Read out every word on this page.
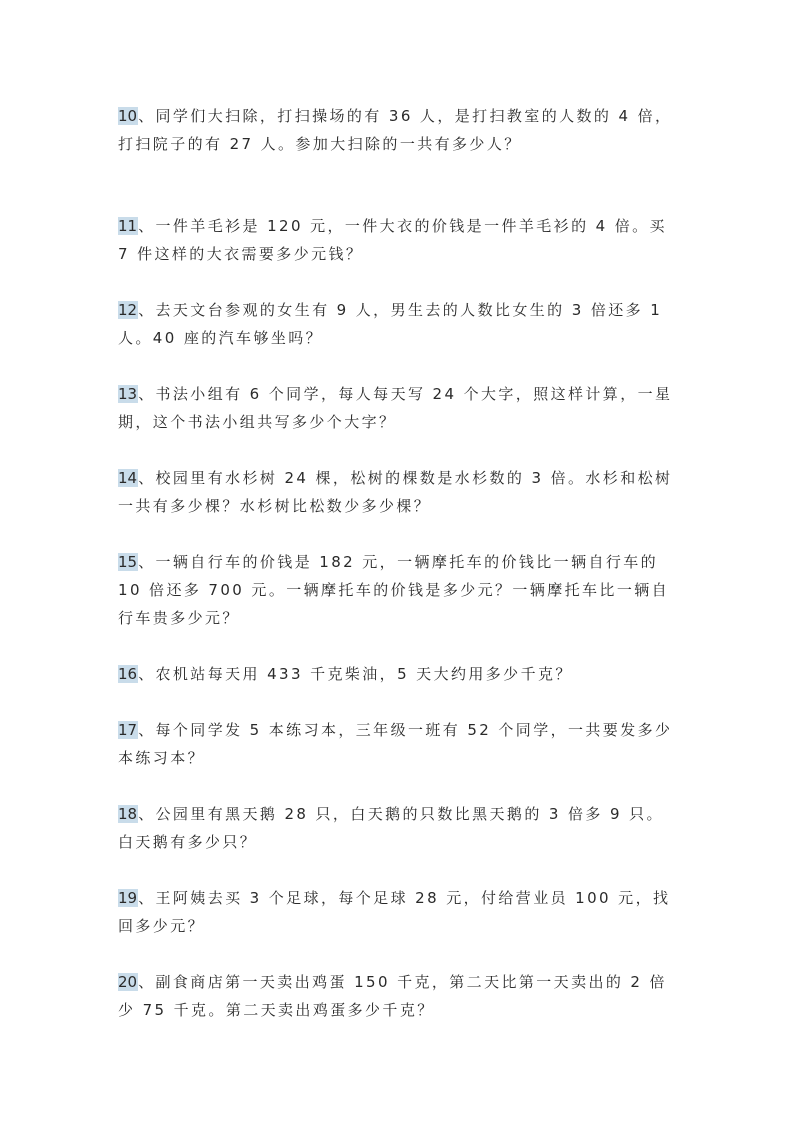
10、同学们大扫除，打扫操场的有 36 人，是打扫教室的人数的 4 倍，打扫院子的有 27 人。参加大扫除的一共有多少人？
11、一件羊毛衫是 120 元，一件大衣的价钱是一件羊毛衫的 4 倍。买 7 件这样的大衣需要多少元钱？
12、去天文台参观的女生有 9 人，男生去的人数比女生的 3 倍还多 1 人。40 座的汽车够坐吗？
13、书法小组有 6 个同学，每人每天写 24 个大字，照这样计算，一星期，这个书法小组共写多少个大字？
14、校园里有水杉树 24 棵，松树的棵数是水杉数的 3 倍。水杉和松树一共有多少棵？水杉树比松数少多少棵？
15、一辆自行车的价钱是 182 元，一辆摩托车的价钱比一辆自行车的 10 倍还多 700 元。一辆摩托车的价钱是多少元？一辆摩托车比一辆自行车贵多少元？
16、农机站每天用 433 千克柴油，5 天大约用多少千克？
17、每个同学发 5 本练习本，三年级一班有 52 个同学，一共要发多少本练习本？
18、公园里有黑天鹅 28 只，白天鹅的只数比黑天鹅的 3 倍多 9 只。白天鹅有多少只？
19、王阿姨去买 3 个足球，每个足球 28 元，付给营业员 100 元，找回多少元？
20、副食商店第一天卖出鸡蛋 150 千克，第二天比第一天卖出的 2 倍少 75 千克。第二天卖出鸡蛋多少千克？
